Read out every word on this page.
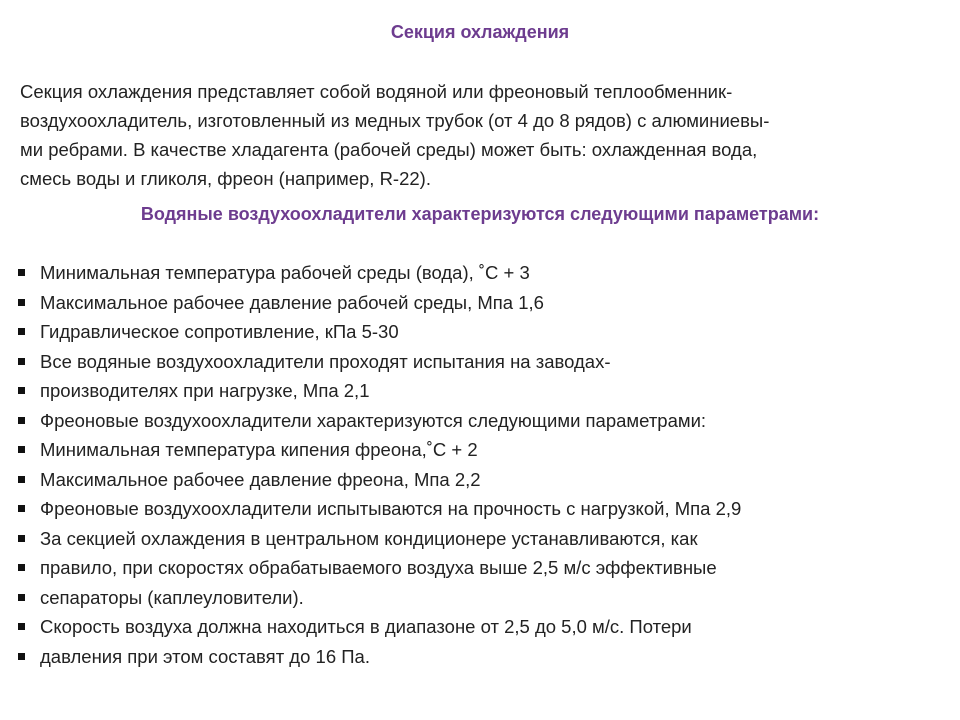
Секция охлаждения
Секция охлаждения представляет собой водяной или фреоновый теплообменник-
воздухоохладитель, изготовленный из медных трубок (от 4 до 8 рядов) с алюминиевы-
ми ребрами. В качестве хладагента (рабочей среды) может быть: охлажденная вода,
смесь воды и гликоля, фреон (например, R-22).
Водяные воздухоохладители характеризуются следующими параметрами:
Минимальная температура рабочей среды (вода), ˚С + 3
Максимальное рабочее давление рабочей среды, Мпа 1,6
Гидравлическое сопротивление, кПа 5-30
Все водяные воздухоохладители проходят испытания на заводах-
производителях при нагрузке, Мпа 2,1
Фреоновые воздухоохладители характеризуются следующими параметрами:
Минимальная температура кипения фреона,˚С + 2
Максимальное рабочее давление фреона, Мпа 2,2
Фреоновые воздухоохладители испытываются на прочность с нагрузкой, Мпа 2,9
За секцией охлаждения в центральном кондиционере устанавливаются, как
правило, при скоростях обрабатываемого воздуха выше 2,5 м/с эффективные
сепараторы (каплеуловители).
Скорость воздуха должна находиться в диапазоне от 2,5 до 5,0 м/с. Потери
давления при этом составят до 16 Па.
